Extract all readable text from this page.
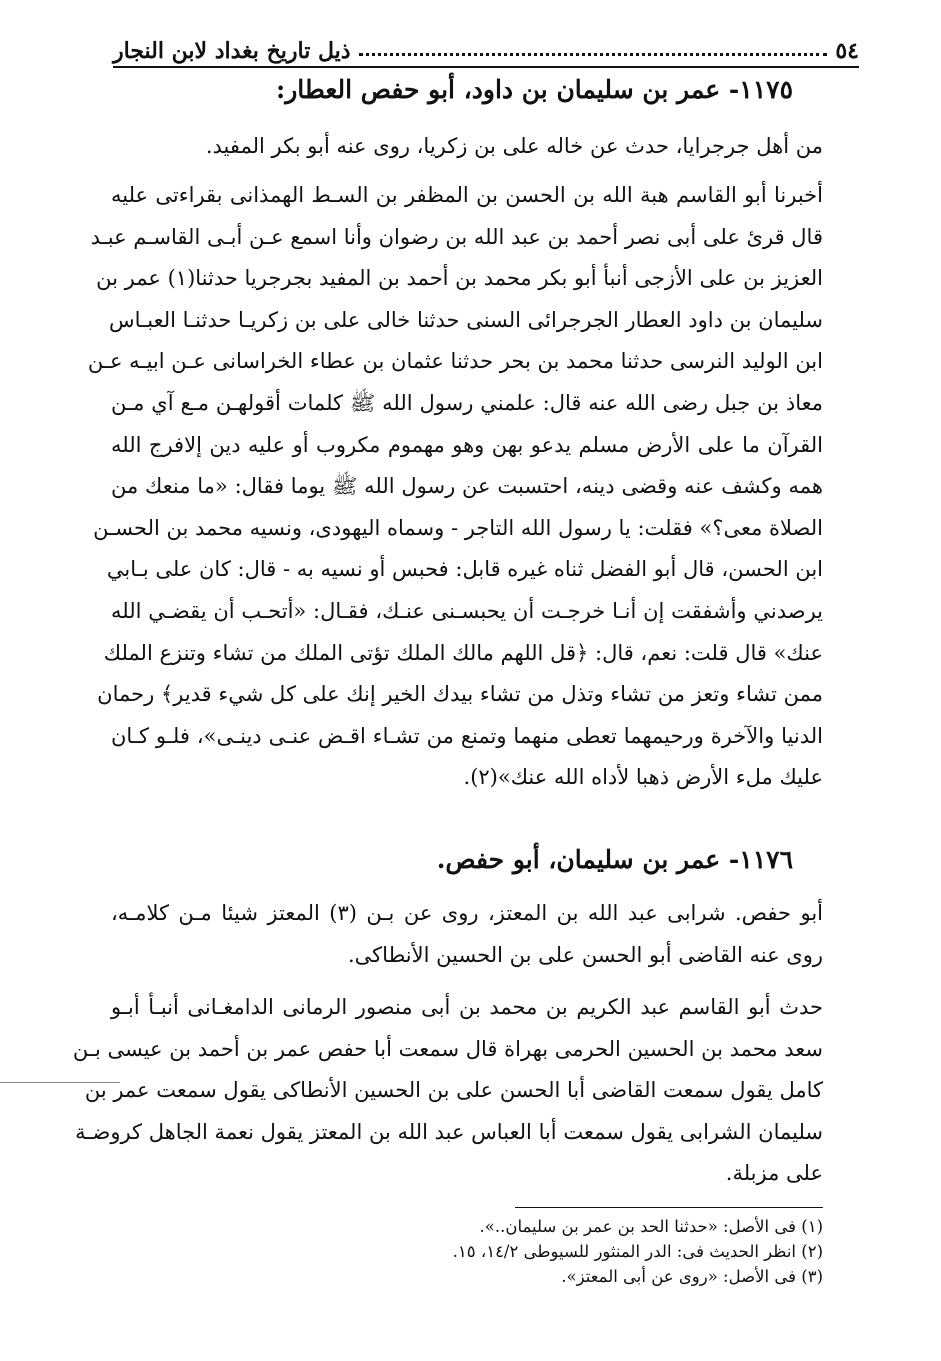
٥٤
ذيل تاريخ بغداد لابن النجار
١١٧٥- عمر بن سليمان بن داود، أبو حفص العطار:

من أهل جرجرايا، حدث عن خاله على بن زكريا، روى عنه أبو بكر المفيد.

أخبرنا أبو القاسم هبة الله بن الحسن بن المظفر بن السـط الهمذانى بقراءتى عليه
قال قرئ على أبى نصر أحمد بن عبد الله بن رضوان وأنا اسمع عـن أبـى القاسـم عبـد
العزيز بن على الأزجى أنبأ أبو بكر محمد بن أحمد بن المفيد بجرجريا حدثنا(١) عمر بن
سليمان بن داود العطار الجرجرائى السنى حدثنا خالى على بن زكريـا حدثنـا العبـاس
ابن الوليد النرسى حدثنا محمد بن بحر حدثنا عثمان بن عطاء الخراسانى عـن ابيـه عـن
معاذ بن جبل رضى الله عنه قال: علمني رسول الله ﷺ كلمات أقولهـن مـع آي مـن
القرآن ما على الأرض مسلم يدعو بهن وهو مهموم مكروب أو عليه دين إلافرج الله
همه وكشف عنه وقضى دينه، احتسبت عن رسول الله ﷺ يوما فقال: «ما منعك من
الصلاة معى؟» فقلت: يا رسول الله التاجر - وسماه اليهودى، ونسيه محمد بن الحسـن
ابن الحسن، قال أبو الفضل ثناه غيره قابل: فحبس أو نسيه به - قال: كان على بـابي
يرصدني وأشفقت إن أنـا خرجـت أن يحبسـنى عنـك، فقـال: «أتحـب أن يقضـي الله
عنك» قال قلت: نعم، قال: ﴿قل اللهم مالك الملك تؤتى الملك من تشاء وتنزع الملك
ممن تشاء وتعز من تشاء وتذل من تشاء بيدك الخير إنك على كل شيء قدير﴾ رحمان
الدنيا والآخرة ورحيمهما تعطى منهما وتمنع من تشـاء اقـض عنـى دينـى»، فلـو كـان
عليك ملء الأرض ذهبا لأداه الله عنك»(٢).

١١٧٦- عمر بن سليمان، أبو حفص.

أبو حفص. شرابى عبد الله بن المعتز، روى عن بـن (٣) المعتز شيئا مـن كلامـه،
روى عنه القاضى أبو الحسن على بن الحسين الأنطاكى.

حدث أبو القاسم عبد الكريم بن محمد بن أبى منصور الرمانى الدامغـانى أنبـأ أبـو
سعد محمد بن الحسين الحرمى بهراة قال سمعت أبا حفص عمر بن أحمد بن عيسى بـن
كامل يقول سمعت القاضى أبا الحسن على بن الحسين الأنطاكى يقول سمعت عمر بن
سليمان الشرابى يقول سمعت أبا العباس عبد الله بن المعتز يقول نعمة الجاهل كروضـة
على مزبلة.

(١) فى الأصل: «حدثنا الحد بن عمر بن سليمان..».
(٢) انظر الحديث فى: الدر المنثور للسيوطى ١٤/٢، ١٥.
(٣) فى الأصل: «روى عن أبى المعتز».
